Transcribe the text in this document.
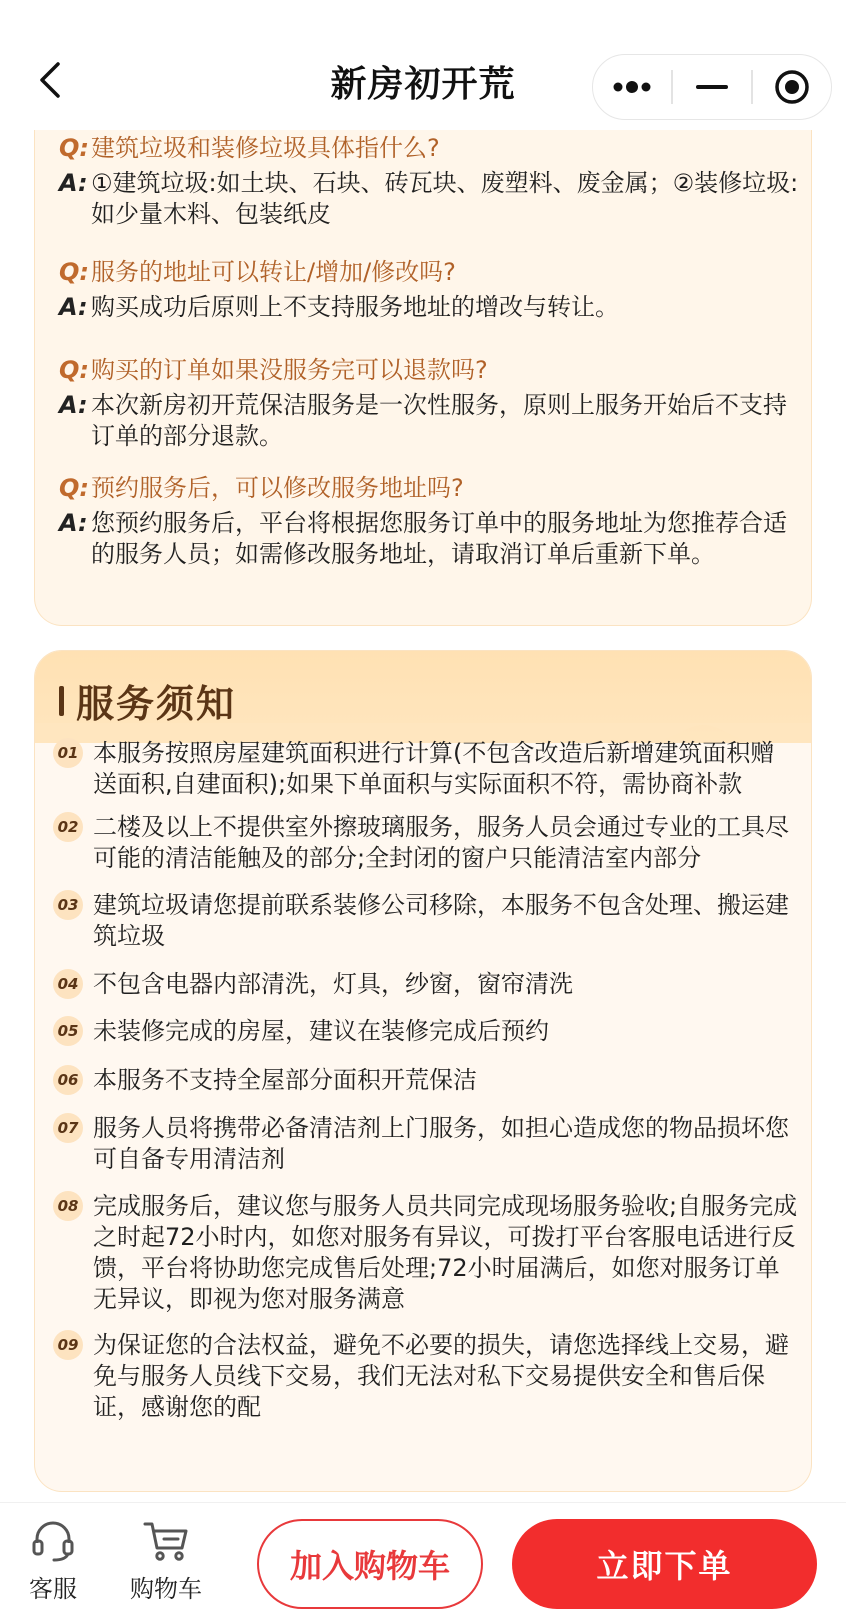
新房初开荒
Q: 建筑垃圾和装修垃圾具体指什么?
A: ①建筑垃圾:如土块、石块、砖瓦块、废塑料、废金属；②装修垃圾:如少量木料、包装纸皮
Q: 服务的地址可以转让/增加/修改吗?
A: 购买成功后原则上不支持服务地址的增改与转让。
Q: 购买的订单如果没服务完可以退款吗?
A: 本次新房初开荒保洁服务是一次性服务，原则上服务开始后不支持订单的部分退款。
Q: 预约服务后，可以修改服务地址吗?
A: 您预约服务后，平台将根据您服务订单中的服务地址为您推荐合适的服务人员；如需修改服务地址，请取消订单后重新下单。
服务须知
01 本服务按照房屋建筑面积进行计算(不包含改造后新增建筑面积赠送面积,自建面积);如果下单面积与实际面积不符，需协商补款
02 二楼及以上不提供室外擦玻璃服务，服务人员会通过专业的工具尽可能的清洁能触及的部分;全封闭的窗户只能清洁室内部分
03 建筑垃圾请您提前联系装修公司移除，本服务不包含处理、搬运建筑垃圾
04 不包含电器内部清洗，灯具，纱窗，窗帘清洗
05 未装修完成的房屋，建议在装修完成后预约
06 本服务不支持全屋部分面积开荒保洁
07 服务人员将携带必备清洁剂上门服务，如担心造成您的物品损坏您可自备专用清洁剂
08 完成服务后，建议您与服务人员共同完成现场服务验收;自服务完成之时起72小时内，如您对服务有异议，可拨打平台客服电话进行反馈，平台将协助您完成售后处理;72小时届满后，如您对服务订单无异议，即视为您对服务满意
09 为保证您的合法权益，避免不必要的损失，请您选择线上交易，避免与服务人员线下交易，我们无法对私下交易提供安全和售后保证，感谢您的配
客服 购物车
加入购物车	立即下单
